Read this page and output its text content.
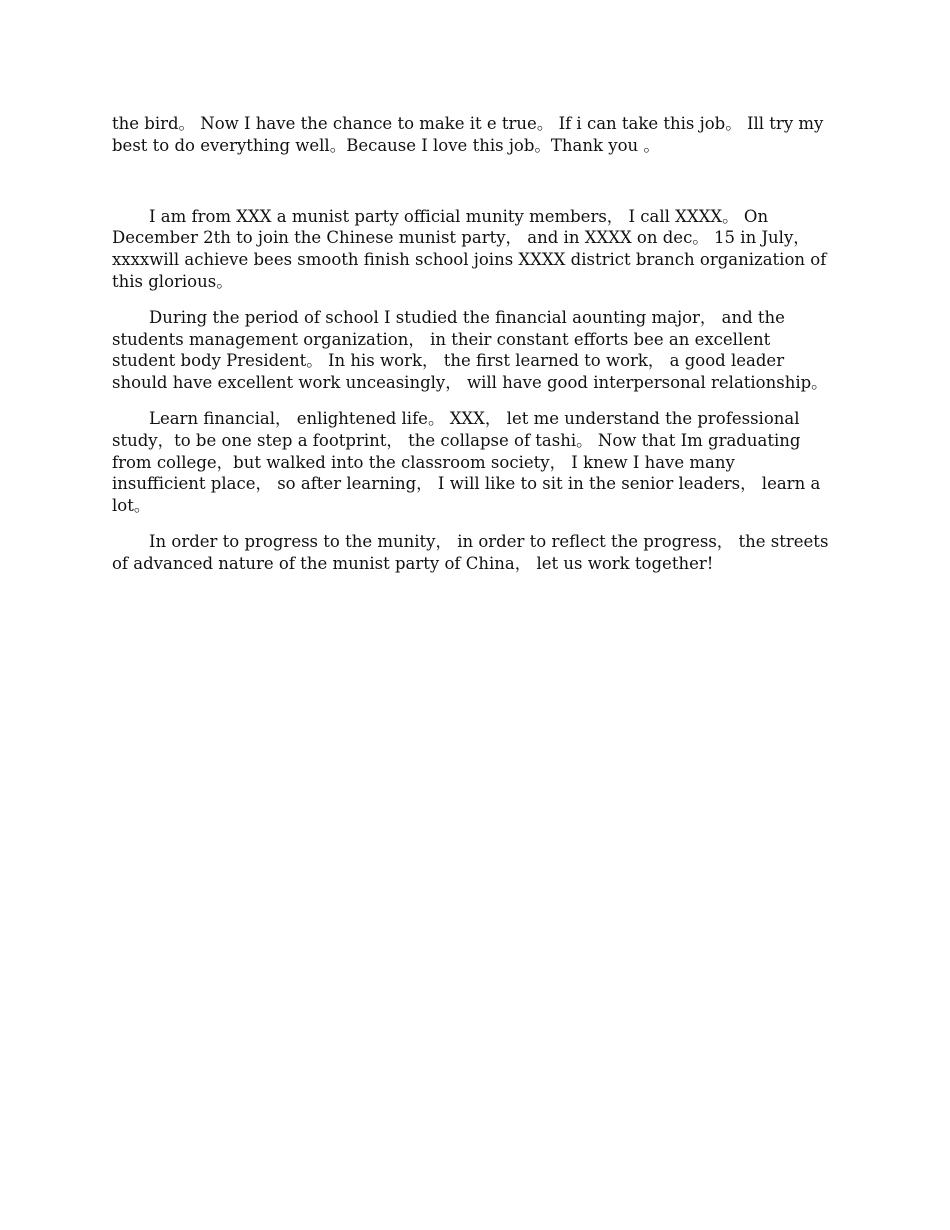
the bird。 Now I have the chance to make it e true。 If i can take this job。 Ill try my best to do everything well。Because I love this job。Thank you 。

I am from XXX a munist party official munity members， I call XXXX。 On December 2th to join the Chinese munist party， and in XXXX on dec。 15 in July， xxxxwill achieve bees smooth finish school joins XXXX district branch organization of this glorious。

During the period of school I studied the financial aounting major， and the students management organization， in their constant efforts bee an excellent student body President。 In his work， the first learned to work， a good leader should have excellent work unceasingly， will have good interpersonal relationship。

Learn financial， enlightened life。 XXX， let me understand the professional study，to be one step a footprint， the collapse of tashi。 Now that Im graduating from college，but walked into the classroom society， I knew I have many insufficient place， so after learning， I will like to sit in the senior leaders， learn a lot。

In order to progress to the munity， in order to reflect the progress， the streets of advanced nature of the munist party of China， let us work together!
